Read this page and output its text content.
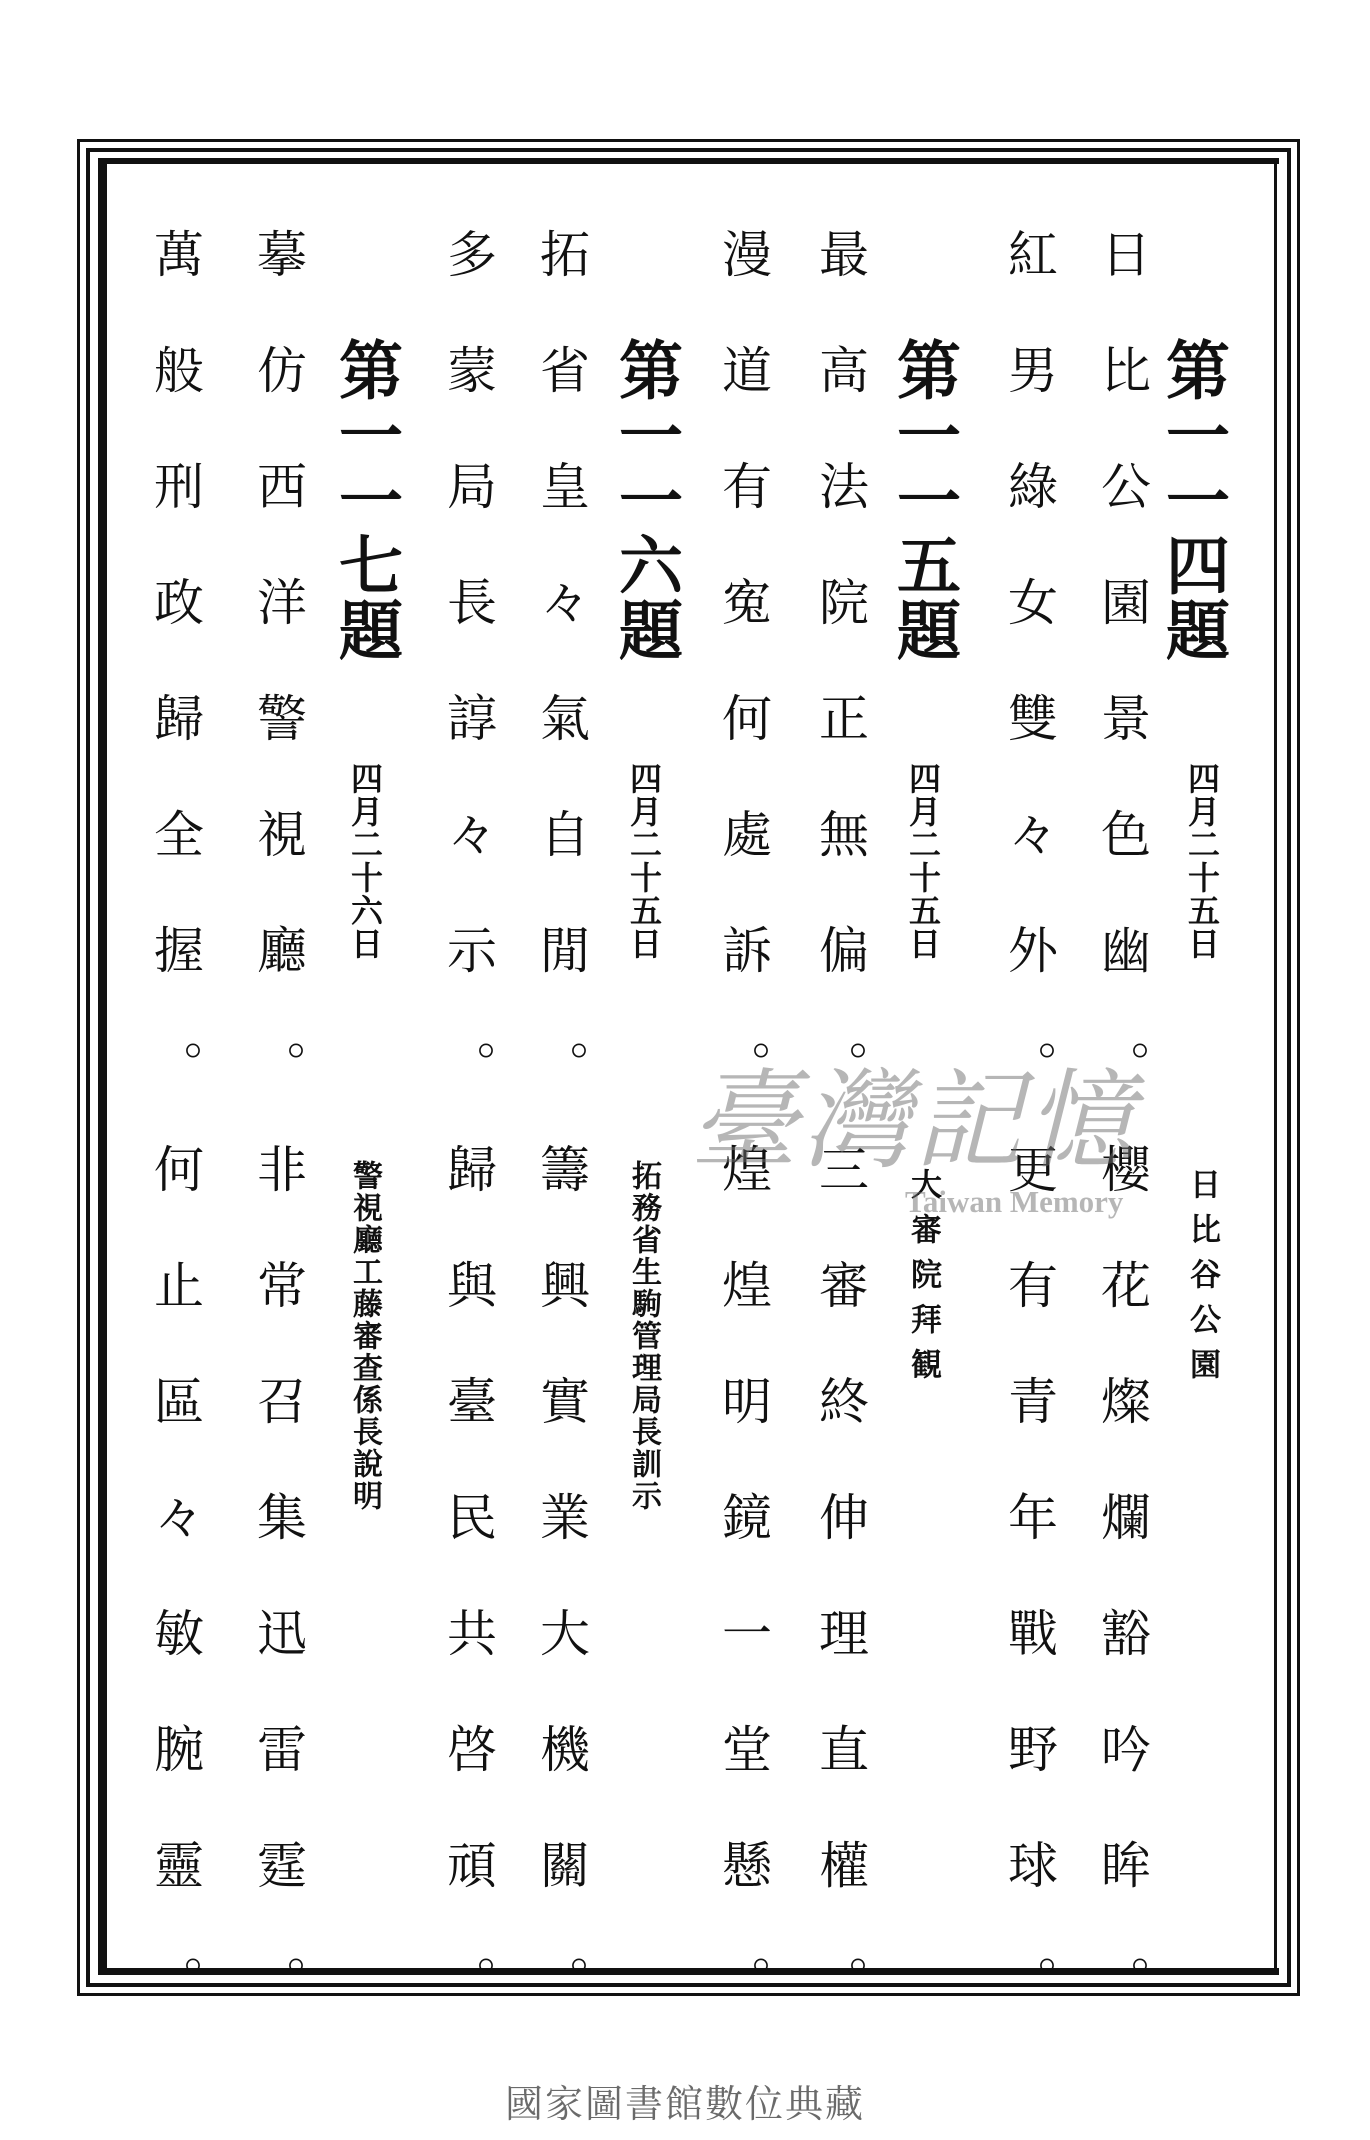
第一一四題
四月二十五日
日比谷公園
日比公園景色幽。
櫻花燦爛豁吟眸。
紅男綠女雙々外。
更有青年戰野球。
第一一五題
四月二十五日
大審院拜観
最高法院正無偏。
三審終伸理直權。
漫道有寃何處訴。
煌煌明鏡一堂懸。
第一一六題
四月二十五日
拓務省生駒管理局長訓示
拓省皇々氣自閒。
籌興實業大機關。
多蒙局長諄々示。
歸與臺民共啓頑。
第一一七題
四月二十六日
警視廳工藤審查係長說明
摹仿西洋警視廳。
非常召集迅雷霆。
萬般刑政歸全握。
何止區々敏腕靈。
臺灣記憶
Taiwan Memory
國家圖書館數位典藏
